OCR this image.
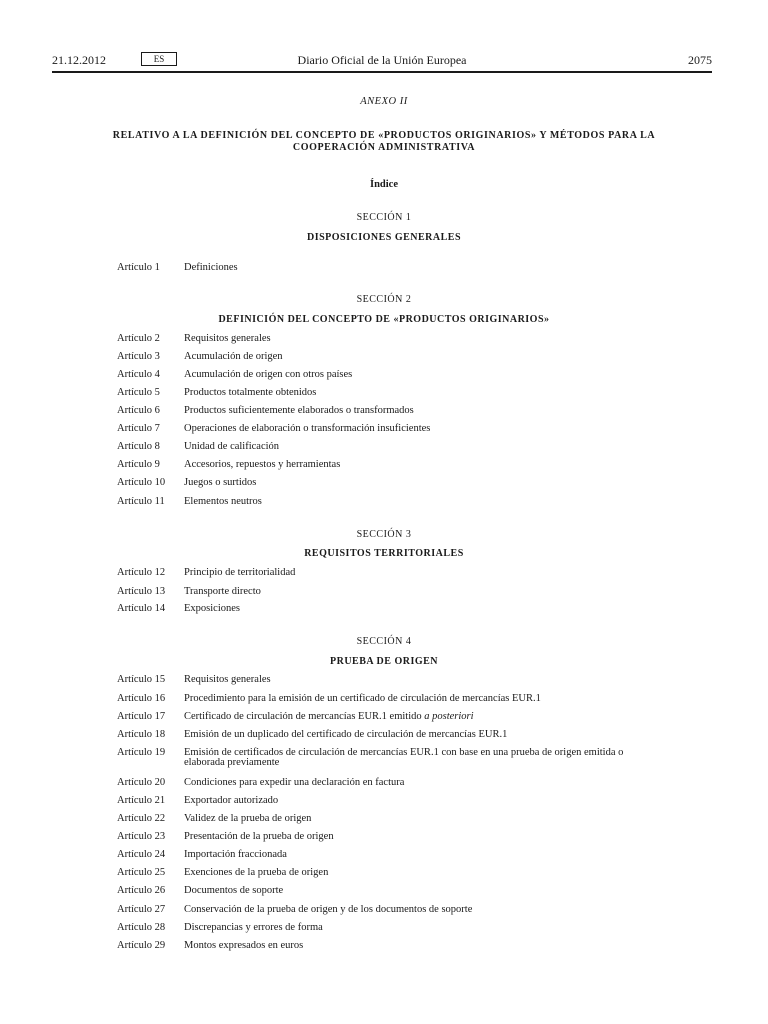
21.12.2012	ES	Diario Oficial de la Unión Europea	2075
ANEXO II
RELATIVO A LA DEFINICIÓN DEL CONCEPTO DE «PRODUCTOS ORIGINARIOS» Y MÉTODOS PARA LA COOPERACIÓN ADMINISTRATIVA
Índice
SECCIÓN 1
DISPOSICIONES GENERALES
Artículo 1 Definiciones
SECCIÓN 2
DEFINICIÓN DEL CONCEPTO DE «PRODUCTOS ORIGINARIOS»
Artículo 2 Requisitos generales
Artículo 3 Acumulación de origen
Artículo 4 Acumulación de origen con otros países
Artículo 5 Productos totalmente obtenidos
Artículo 6 Productos suficientemente elaborados o transformados
Artículo 7 Operaciones de elaboración o transformación insuficientes
Artículo 8 Unidad de calificación
Artículo 9 Accesorios, repuestos y herramientas
Artículo 10 Juegos o surtidos
Artículo 11 Elementos neutros
SECCIÓN 3
REQUISITOS TERRITORIALES
Artículo 12 Principio de territorialidad
Artículo 13 Transporte directo
Artículo 14 Exposiciones
SECCIÓN 4
PRUEBA DE ORIGEN
Artículo 15 Requisitos generales
Artículo 16 Procedimiento para la emisión de un certificado de circulación de mercancías EUR.1
Artículo 17 Certificado de circulación de mercancías EUR.1 emitido a posteriori
Artículo 18 Emisión de un duplicado del certificado de circulación de mercancías EUR.1
Artículo 19 Emisión de certificados de circulación de mercancías EUR.1 con base en una prueba de origen emitida o elaborada previamente
Artículo 20 Condiciones para expedir una declaración en factura
Artículo 21 Exportador autorizado
Artículo 22 Validez de la prueba de origen
Artículo 23 Presentación de la prueba de origen
Artículo 24 Importación fraccionada
Artículo 25 Exenciones de la prueba de origen
Artículo 26 Documentos de soporte
Artículo 27 Conservación de la prueba de origen y de los documentos de soporte
Artículo 28 Discrepancias y errores de forma
Artículo 29 Montos expresados en euros
